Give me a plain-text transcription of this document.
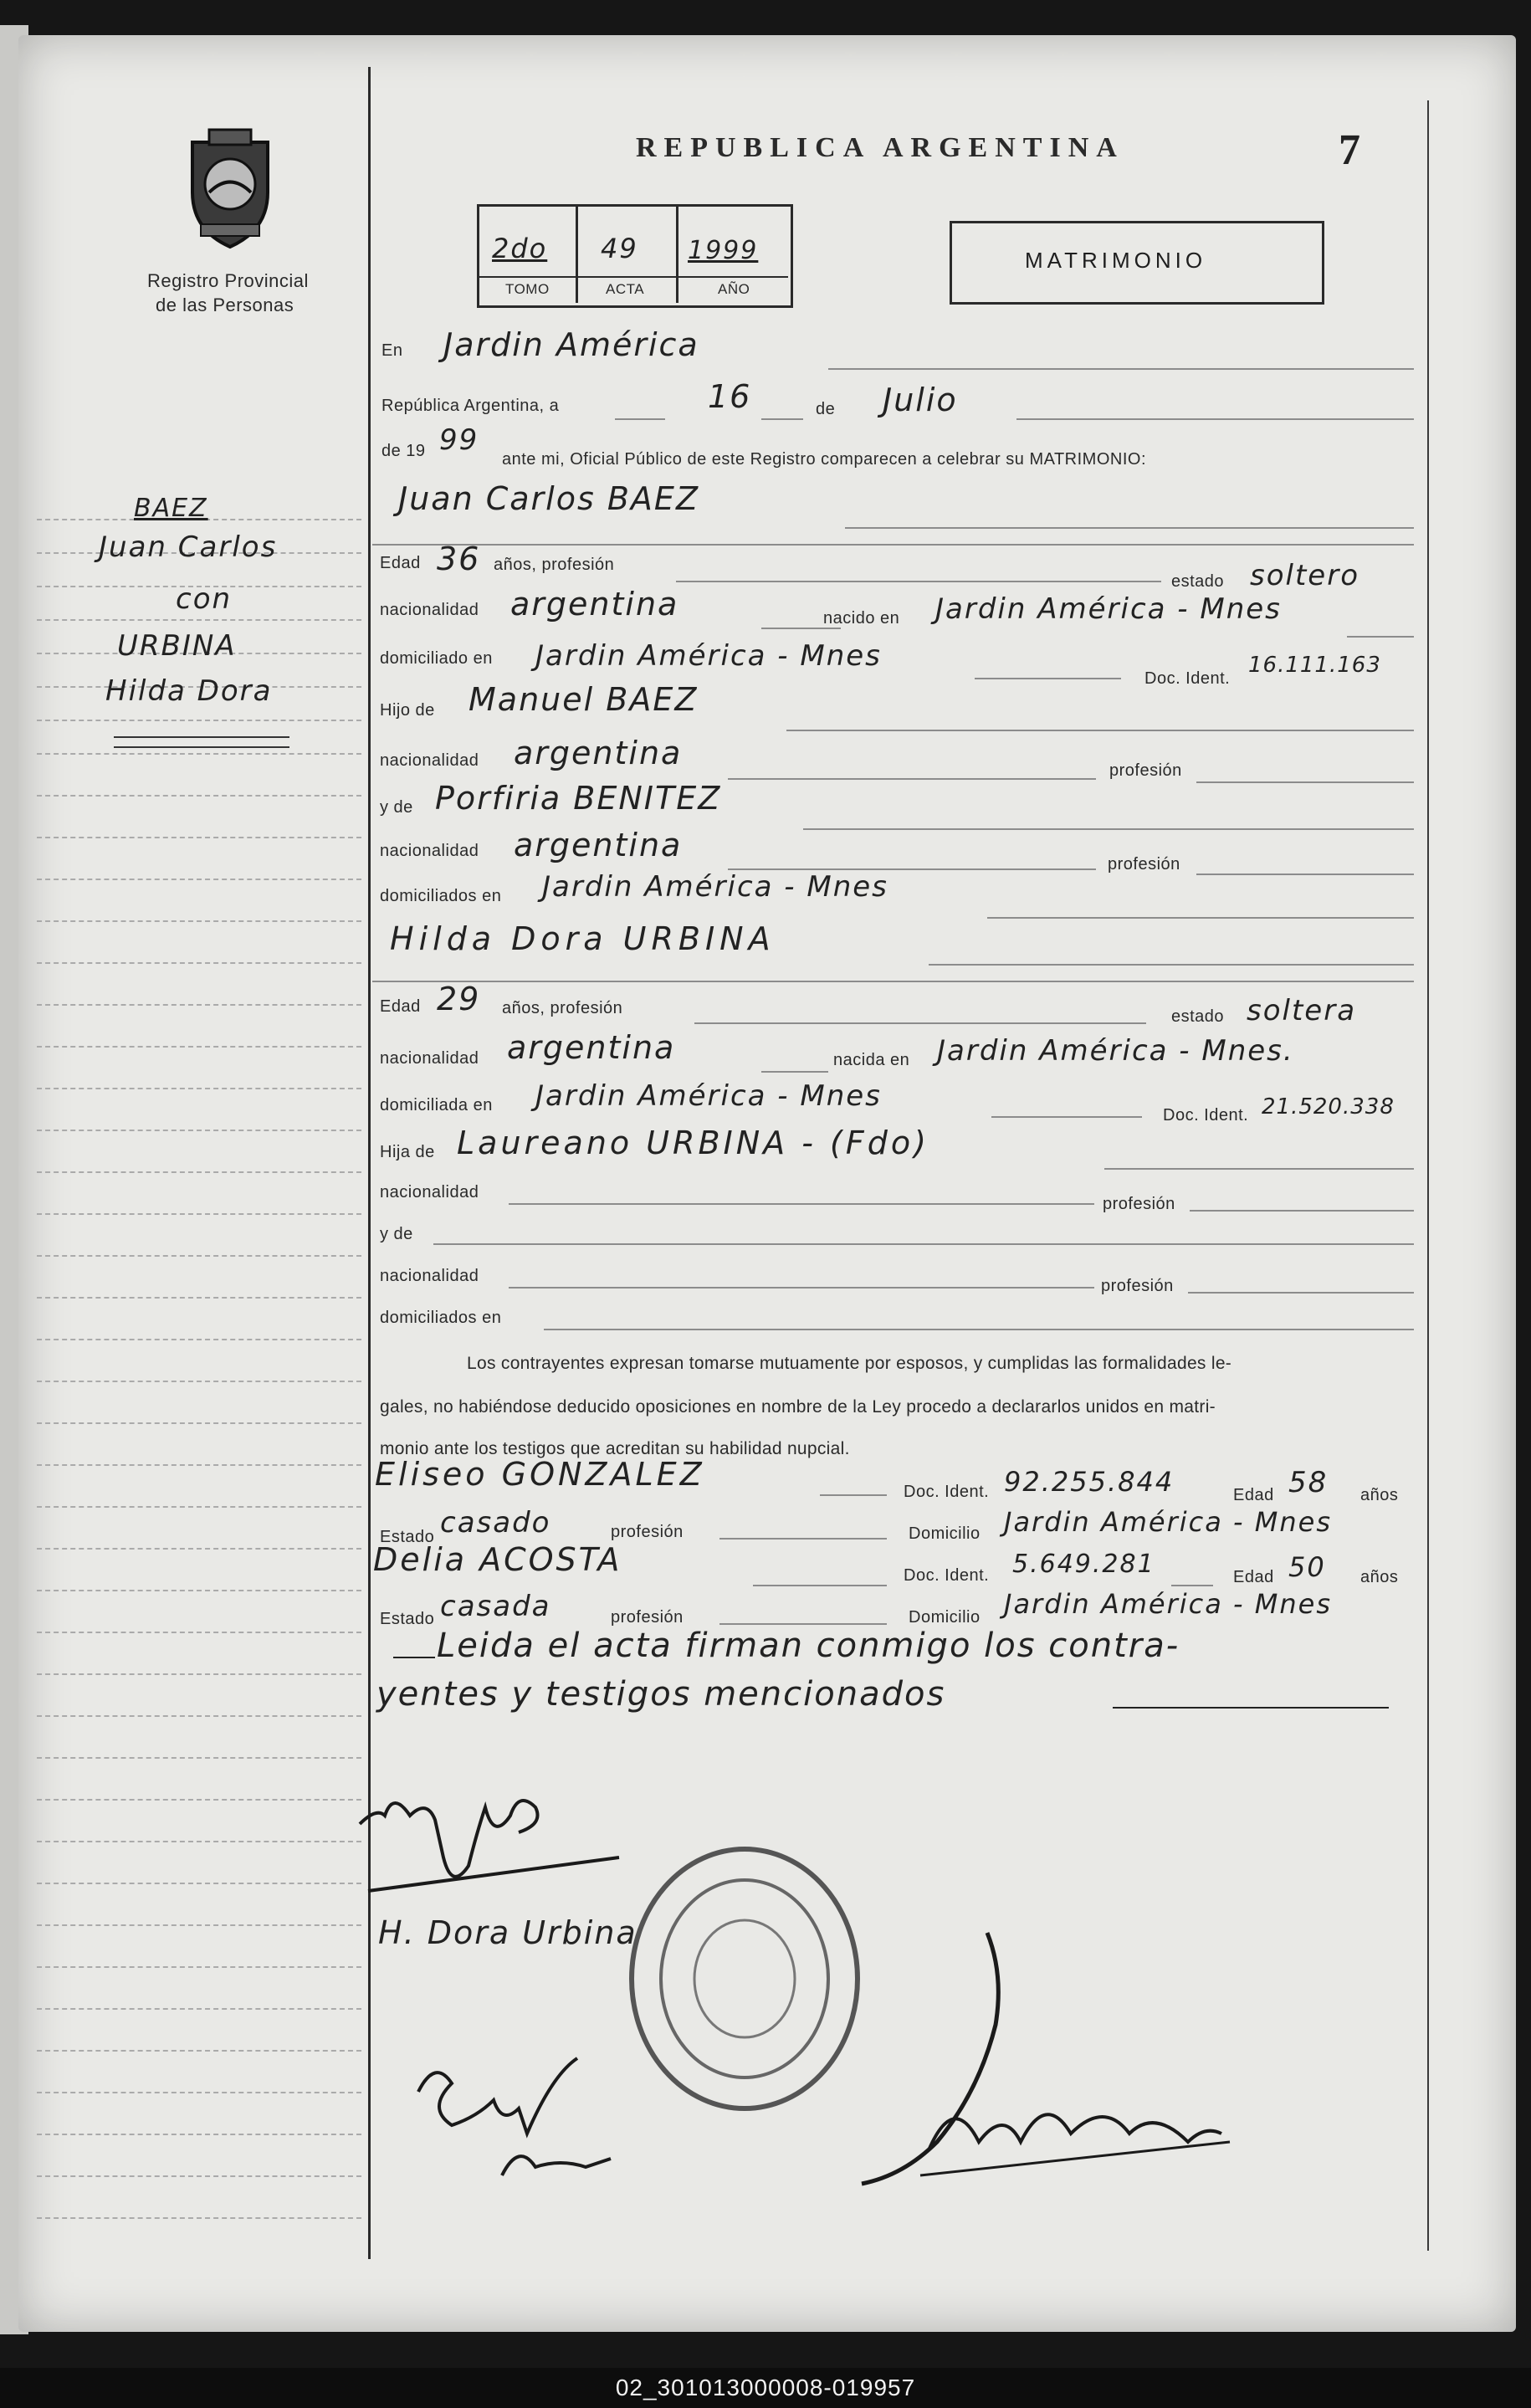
Registro Provincial
de las Personas
REPUBLICA ARGENTINA	7
2do 49 1999
TOMO	ACTA	AÑO
MATRIMONIO
BAEZ
Juan Carlos
con
URBINA
Hilda Dora
En Jardin América
República Argentina, a	16	de Julio
de 19 99
ante mi, Oficial Público de este Registro comparecen a celebrar su MATRIMONIO:
Juan Carlos BAEZ
Edad 36 años, profesión
estado soltero
nacionalidad argentina	nacido en Jardin América - Mnes
domiciliado en Jardin América - Mnes
Doc. Ident.
16.111.163
Hijo de Manuel BAEZ
nacionalidad argentina	profesión
y de Porfiria BENITEZ
nacionalidad argentina
profesión
domiciliados en Jardin América - Mnes
Hilda Dora URBINA
Edad 29 años, profesión	estado soltera
nacionalidad argentina	nacida en Jardin América - Mnes.
domiciliada en Jardin América - Mnes
Doc. Ident. 21.520.338
Hija de Laureano URBINA - (Fdo)
nacionalidad
profesión
y de
nacionalidad
profesión
domiciliados en
Los contrayentes expresan tomarse mutuamente por esposos, y cumplidas las formalidades le-
gales, no habiéndose deducido oposiciones en nombre de la Ley procedo a declararlos unidos en matri-
monio ante los testigos que acreditan su habilidad nupcial.
Eliseo GONZALEZ	Doc. Ident. 92.255.844	Edad 58 años
Estado casado	profesión	Domicilio Jardin América - Mnes
Delia ACOSTA	Doc. Ident. 5.649.281	Edad 50 años
Estado casada	profesión	Domicilio Jardin América - Mnes
Leida el acta firman conmigo los contra-
yentes y testigos mencionados
H. Dora Urbina
02_301013000008-019957
